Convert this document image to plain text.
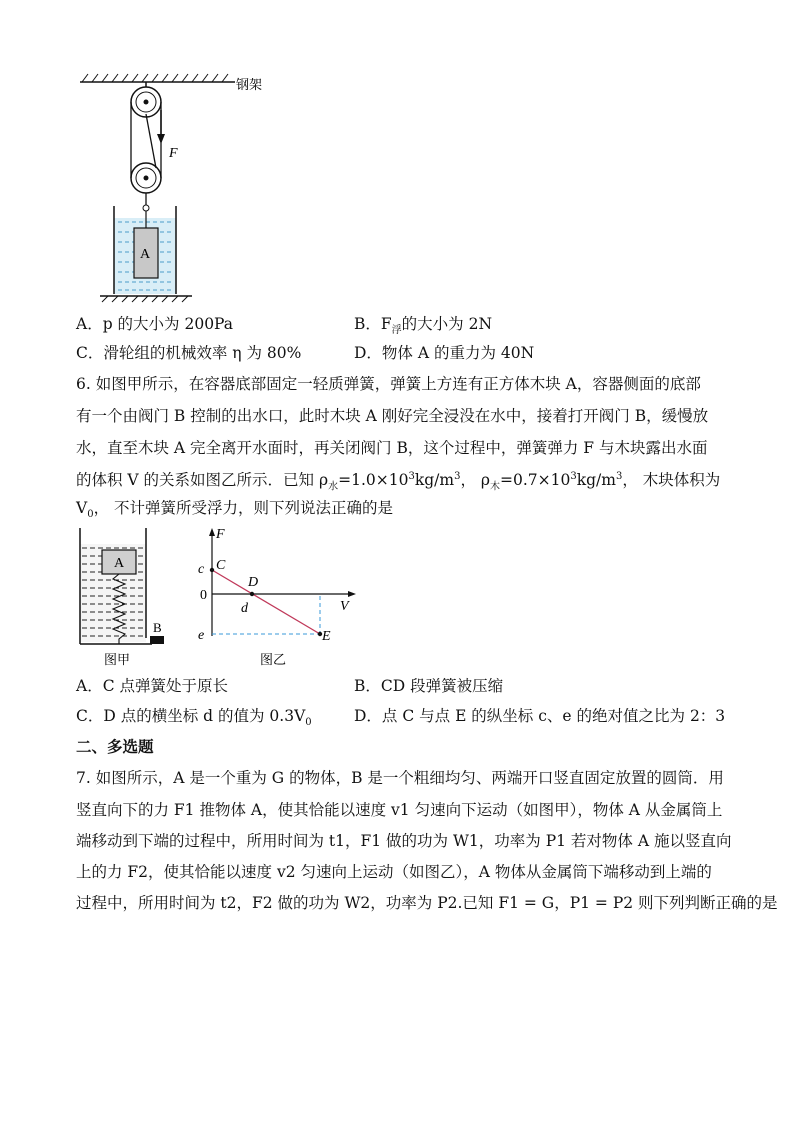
钢架
F
A
A．p 的大小为 200Pa	B．$F_浮$的大小为 2N
C．滑轮组的机械效率 η 为 80%	D．物体 A 的重力为 40N
6. 如图甲所示，在容器底部固定一轻质弹簧，弹簧上方连有正方体木块 A，容器侧面的底部
有一个由阀门 B 控制的出水口，此时木块 A 刚好完全浸没在水中，接着打开阀门 B，缓慢放
水，直至木块 A 完全离开水面时，再关闭阀门 B，这个过程中，弹簧弹力 F 与木块露出水面
的体积 V 的关系如图乙所示．已知 $\rho_水=1.0\times 10^3kg/m^3$， $\rho_木=0.7\times 10^3kg/m^3$， 木块体积为
$V_0$， 不计弹簧所受浮力，则下列说法正确的是
A
B
图甲
F
V
0
c
e
C
D
d
E
图乙
A．C 点弹簧处于原长	B．CD 段弹簧被压缩
C．D 点的横坐标 d 的值为 $0.3V_0$	D．点 C 与点 E 的纵坐标 c、e 的绝对值之比为 2：3
二、多选题
7. 如图所示，A 是一个重为 G 的物体，B 是一个粗细均匀、两端开口竖直固定放置的圆筒．用
竖直向下的力 F1 推物体 A，使其恰能以速度 v1 匀速向下运动（如图甲），物体 A 从金属筒上
端移动到下端的过程中，所用时间为 t1，F1 做的功为 W1，功率为 P1 若对物体 A 施以竖直向
上的力 F2，使其恰能以速度 v2 匀速向上运动（如图乙），A 物体从金属筒下端移动到上端的
过程中，所用时间为 t2，F2 做的功为 W2，功率为 P2.已知 F1 = G，P1 = P2 则下列判断正确的是
